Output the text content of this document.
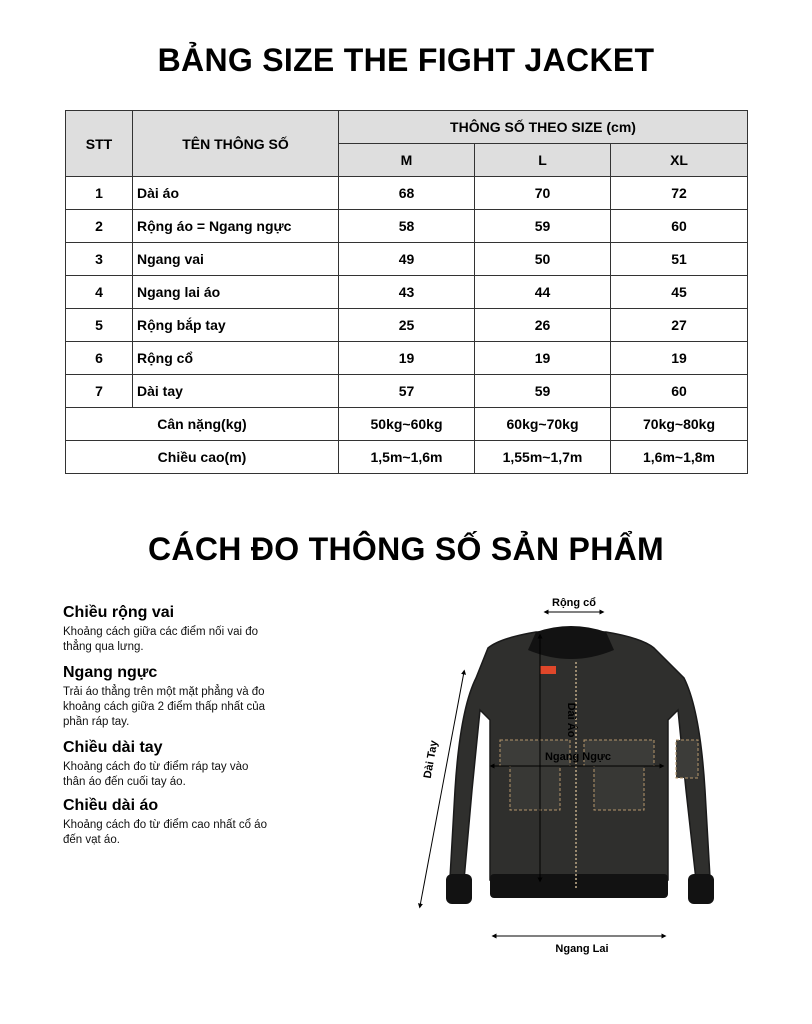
BẢNG SIZE THE FIGHT JACKET
STT	TÊN THÔNG SỐ	THÔNG SỐ THEO SIZE (cm)		
		M	L	XL
1	Dài áo	68	70	72
2	Rộng áo = Ngang ngực	58	59	60
3	Ngang vai	49	50	51
4	Ngang lai áo	43	44	45
5	Rộng bắp tay	25	26	27
6	Rộng cổ	19	19	19
7	Dài tay	57	59	60
Cân nặng(kg)		50kg~60kg	60kg~70kg	70kg~80kg
Chiều cao(m)		1,5m~1,6m	1,55m~1,7m	1,6m~1,8m
CÁCH ĐO THÔNG SỐ SẢN PHẨM
Chiều rộng vai

Khoảng cách giữa các điểm nối vai đo thẳng qua lưng.

Ngang ngực

Trải áo thẳng trên một mặt phẳng và đo khoảng cách giữa 2 điểm thấp nhất của phần ráp tay.

Chiều dài tay

Khoảng cách đo từ điểm ráp tay vào thân áo đến cuối tay áo.

Chiều dài áo

Khoảng cách đo từ điểm cao nhất cổ áo đến vạt áo.

Rộng cổ
Dài Áo
Ngang Ngực
Dài Tay
Ngang Lai
